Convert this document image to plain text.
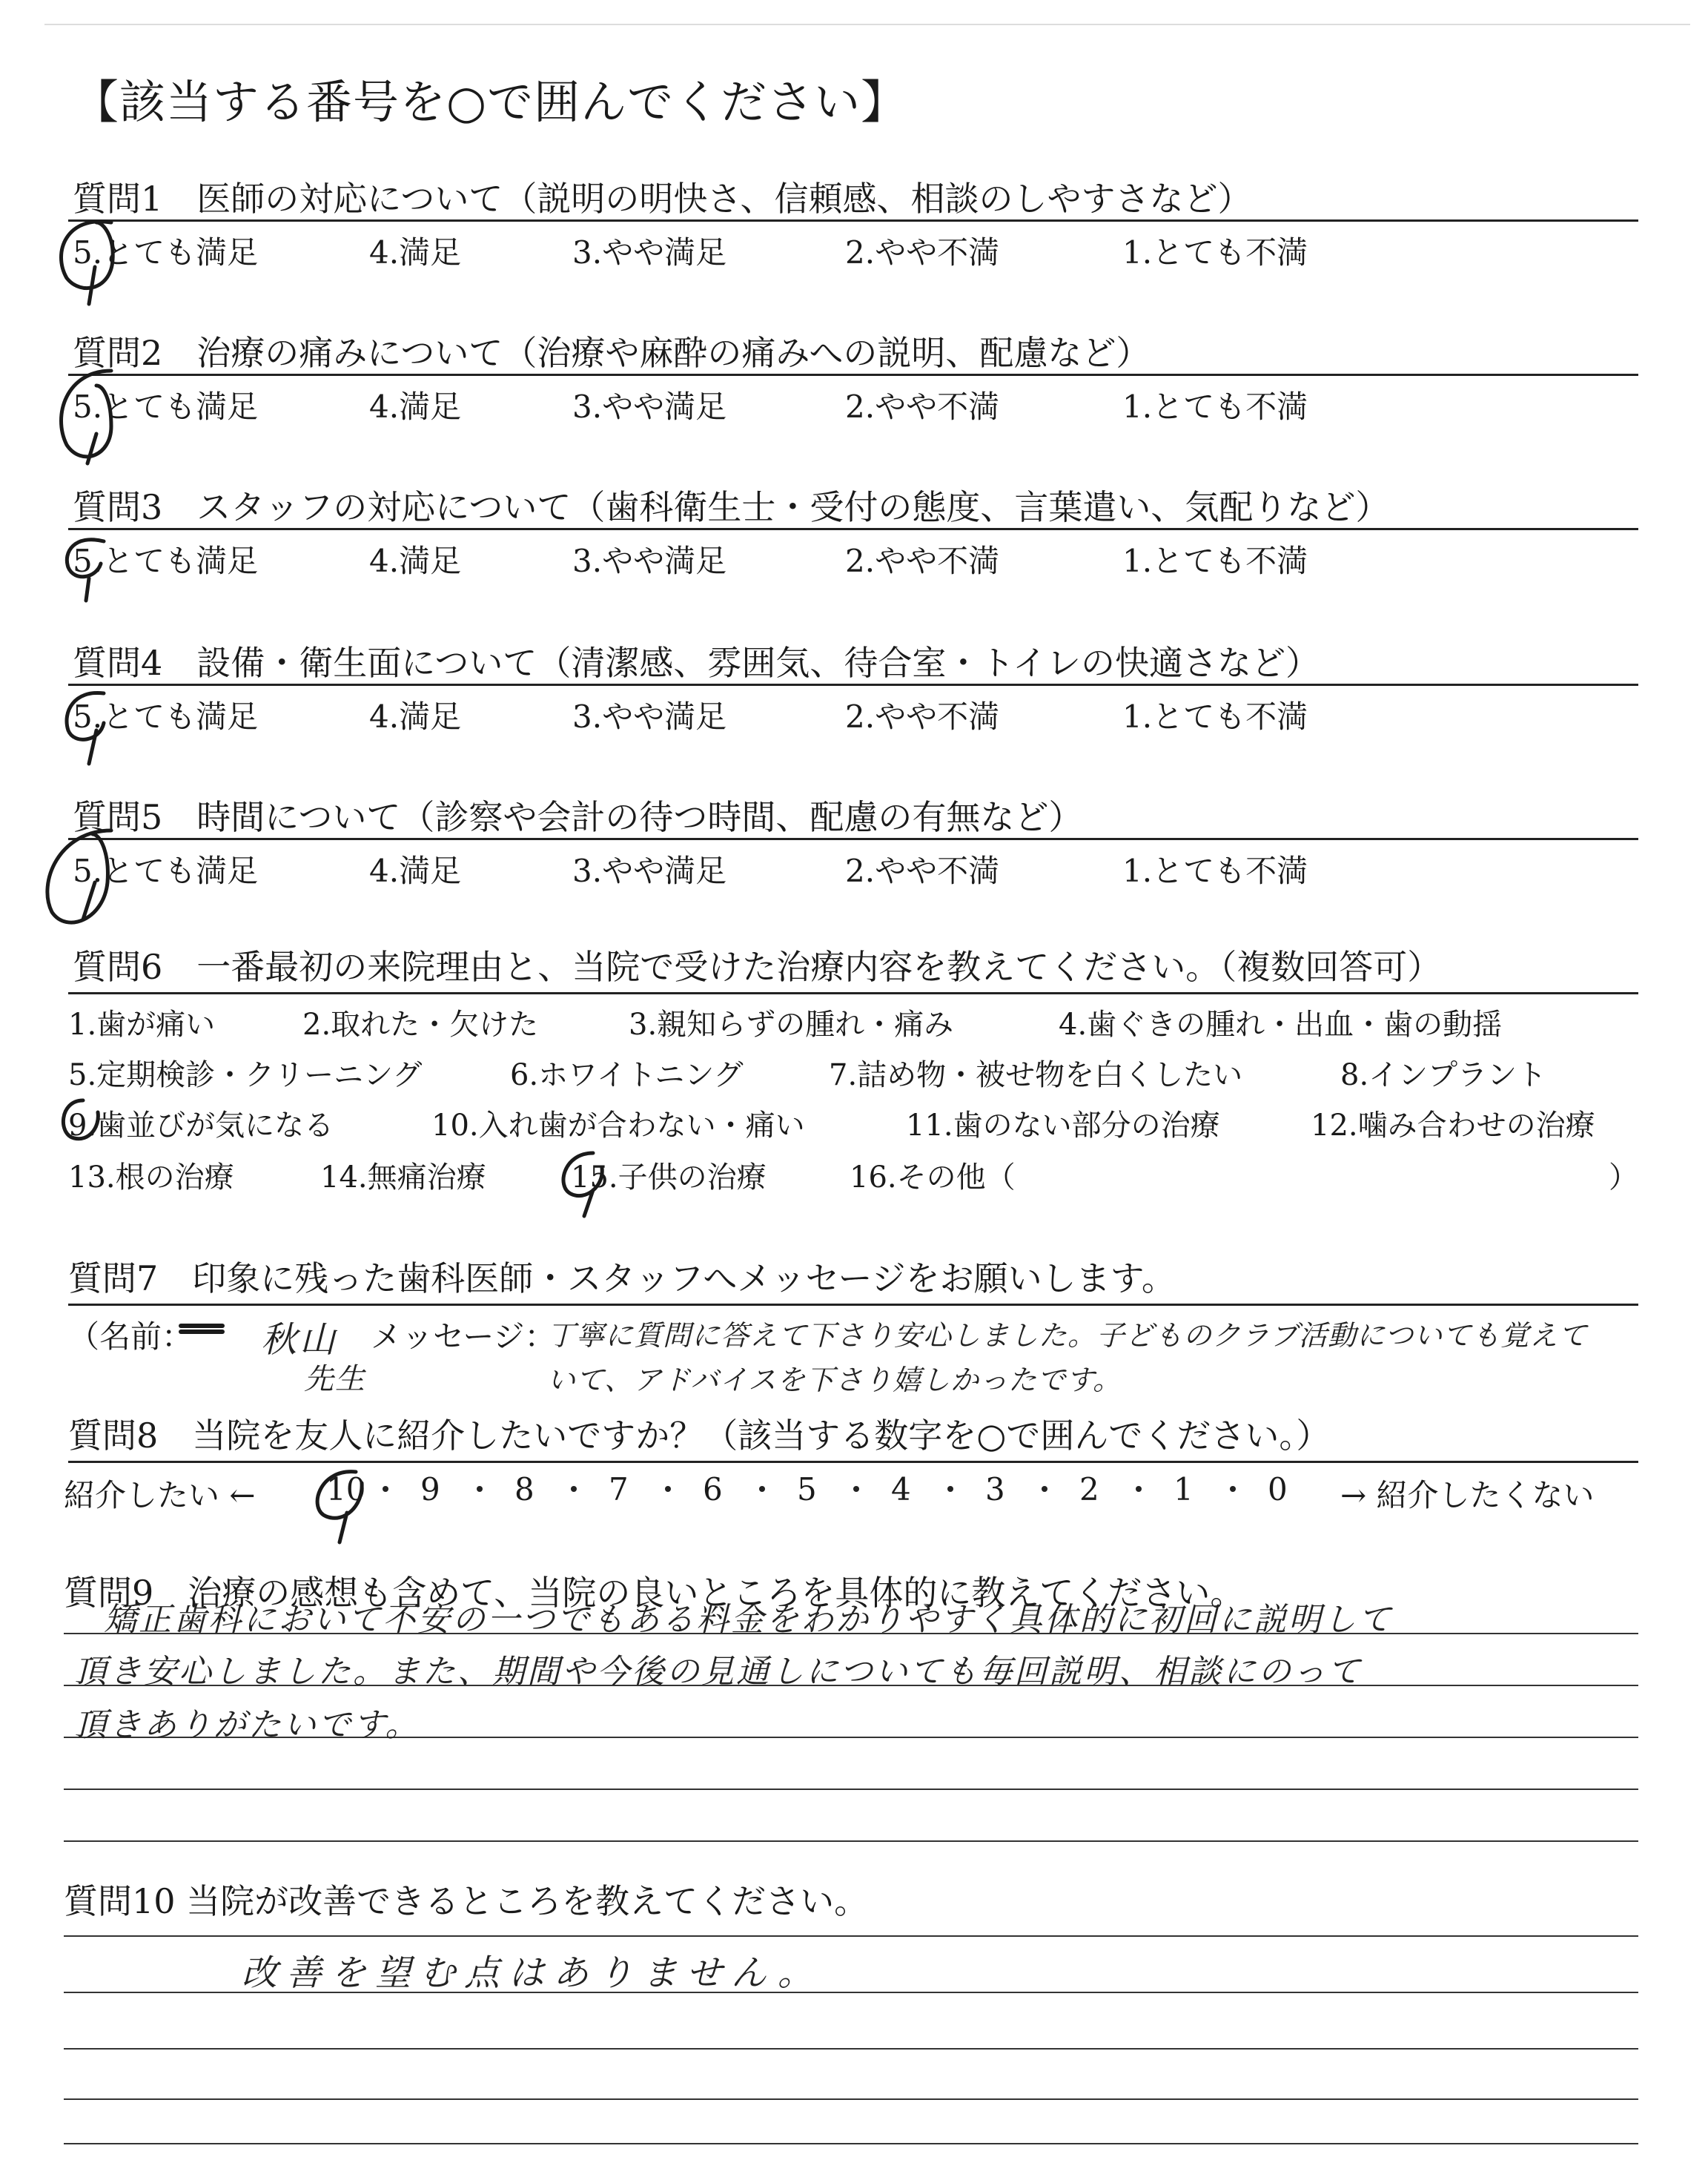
【該当する番号を○で囲んでください】
質問1　医師の対応について（説明の明快さ、信頼感、相談のしやすさなど）
5.とても満足	4.満足	3.やや満足	2.やや不満	1.とても不満
質問2　治療の痛みについて（治療や麻酔の痛みへの説明、配慮など）
5.とても満足	4.満足	3.やや満足	2.やや不満	1.とても不満
質問3　スタッフの対応について（歯科衛生士・受付の態度、言葉遣い、気配りなど）
5.とても満足	4.満足	3.やや満足	2.やや不満	1.とても不満
質問4　設備・衛生面について（清潔感、雰囲気、待合室・トイレの快適さなど）
5.とても満足	4.満足	3.やや満足	2.やや不満	1.とても不満
質問5　時間について（診察や会計の待つ時間、配慮の有無など）
5.とても満足	4.満足	3.やや満足	2.やや不満	1.とても不満
質問6　一番最初の来院理由と、当院で受けた治療内容を教えてください。（複数回答可）
1.歯が痛い	2.取れた・欠けた	3.親知らずの腫れ・痛み	4.歯ぐきの腫れ・出血・歯の動揺
5.定期検診・クリーニング	6.ホワイトニング	7.詰め物・被せ物を白くしたい	8.インプラント
9.歯並びが気になる	10.入れ歯が合わない・痛い	11.歯のない部分の治療	12.噛み合わせの治療
13.根の治療	14.無痛治療	15.子供の治療	16.その他（	）
質問7　印象に残った歯科医師・スタッフへメッセージをお願いします。
（名前： 秋山
先生
メッセージ：
丁寧に質問に答えて下さり安心しました。子どものクラブ活動についても覚えて
いて、アドバイスを下さり嬉しかったです。
質問8　当院を友人に紹介したいですか？（該当する数字を○で囲んでください。）
紹介したい ← 10 9 8 7 6 5 4 3 2 1 0 → 紹介したくない
質問9　治療の感想も含めて、当院の良いところを具体的に教えてください。
矯正歯科において不安の一つでもある料金をわかりやすく具体的に初回に説明して
頂き安心しました。また、期間や今後の見通しについても毎回説明、相談にのって
頂きありがたいです。
質問10 当院が改善できるところを教えてください。
改善を望む点はありません。
